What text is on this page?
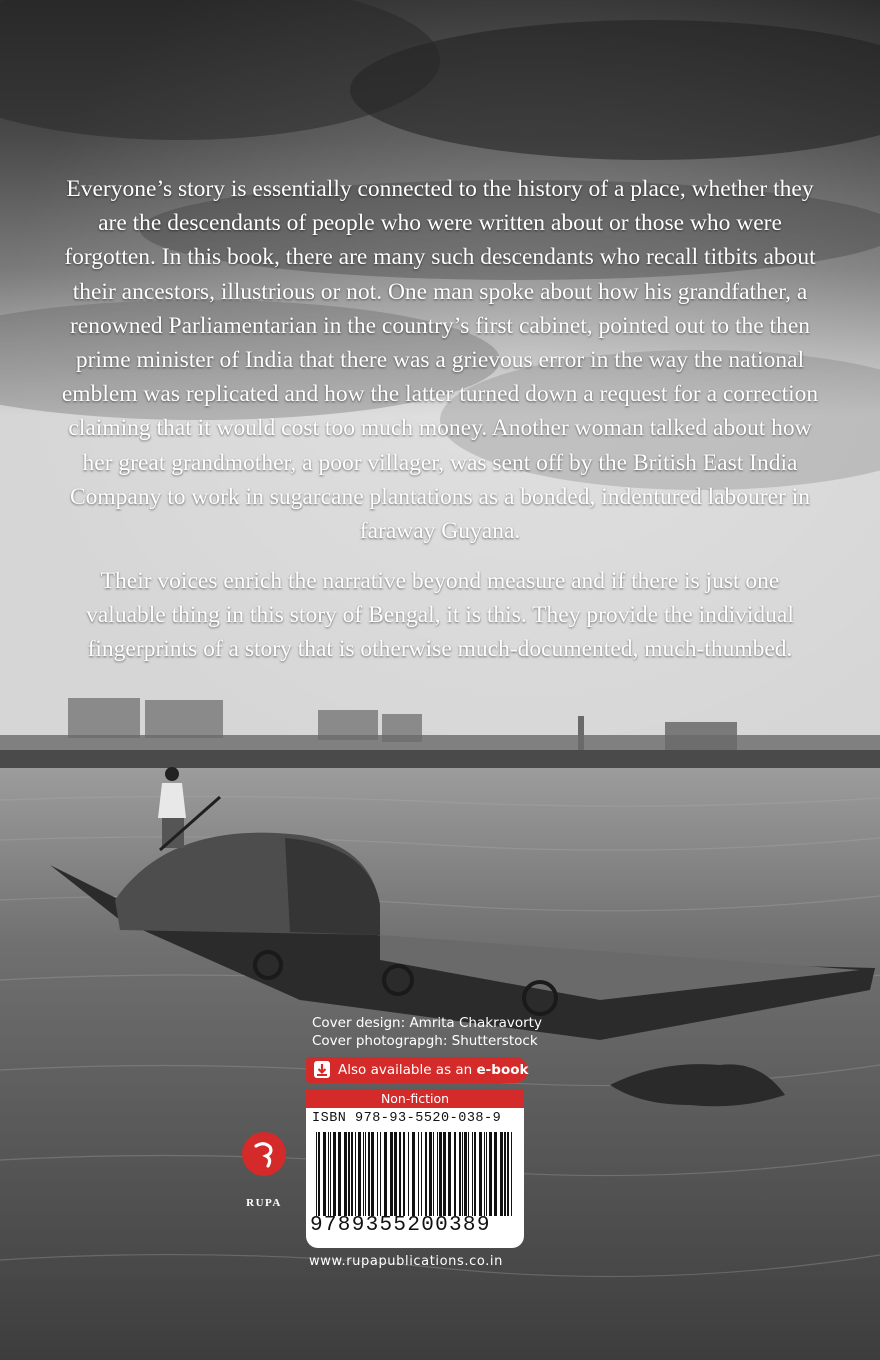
Everyone’s story is essentially connected to the history of a place, whether they are the descendants of people who were written about or those who were forgotten. In this book, there are many such descendants who recall titbits about their ancestors, illustrious or not. One man spoke about how his grandfather, a renowned Parliamentarian in the country’s first cabinet, pointed out to the then prime minister of India that there was a grievous error in the way the national emblem was replicated and how the latter turned down a request for a correction claiming that it would cost too much money. Another woman talked about how her great grandmother, a poor villager, was sent off by the British East India Company to work in sugarcane plantations as a bonded, indentured labourer in faraway Guyana.
Their voices enrich the narrative beyond measure and if there is just one valuable thing in this story of Bengal, it is this. They provide the individual fingerprints of a story that is otherwise much-documented, much-thumbed.
Cover design: Amrita Chakravorty
Cover photograpgh: Shutterstock
Also available as an e-book
Non-fiction
ISBN 978-93-5520-038-9
9789355200389
RUPA
www.rupapublications.co.in
